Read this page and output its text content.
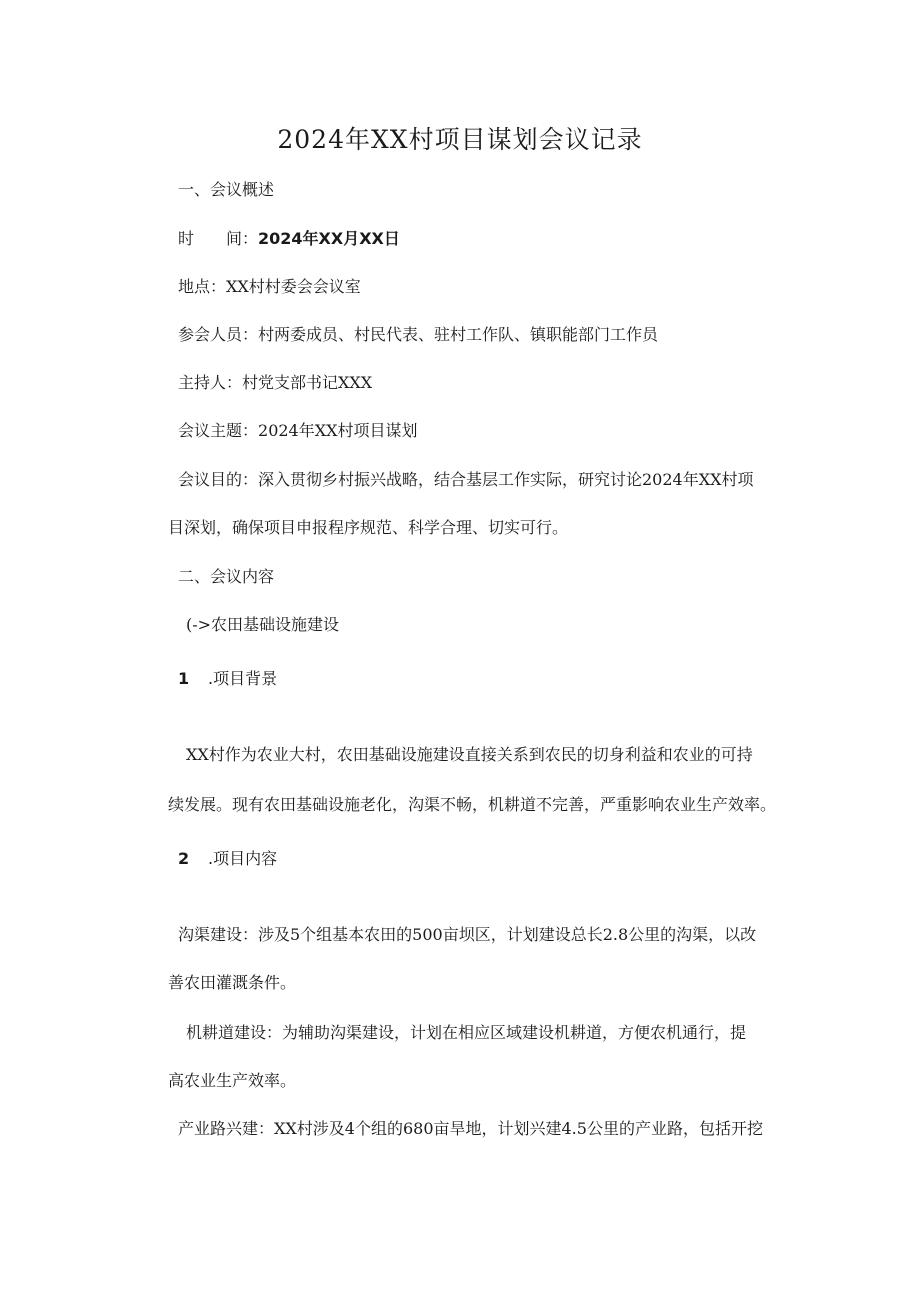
2024年XX村项目谋划会议记录
一、会议概述
时　　间：2024年XX月XX日
地点：XX村村委会会议室
参会人员：村两委成员、村民代表、驻村工作队、镇职能部门工作员
主持人：村党支部书记XXX
会议主题：2024年XX村项目谋划
会议目的：深入贯彻乡村振兴战略，结合基层工作实际，研究讨论2024年XX村项
目深划，确保项目申报程序规范、科学合理、切实可行。
二、会议内容
(->农田基础设施建设
1 .项目背景
XX村作为农业大村，农田基础设施建设直接关系到农民的切身利益和农业的可持
续发展。现有农田基础设施老化，沟渠不畅，机耕道不完善，严重影响农业生产效率。
2 .项目内容
沟渠建设：涉及5个组基本农田的500亩坝区，计划建设总长2.8公里的沟渠，以改
善农田灌溉条件。
机耕道建设：为辅助沟渠建设，计划在相应区域建设机耕道，方便农机通行，提
高农业生产效率。
产业路兴建：XX村涉及4个组的680亩旱地，计划兴建4.5公里的产业路，包括开挖
